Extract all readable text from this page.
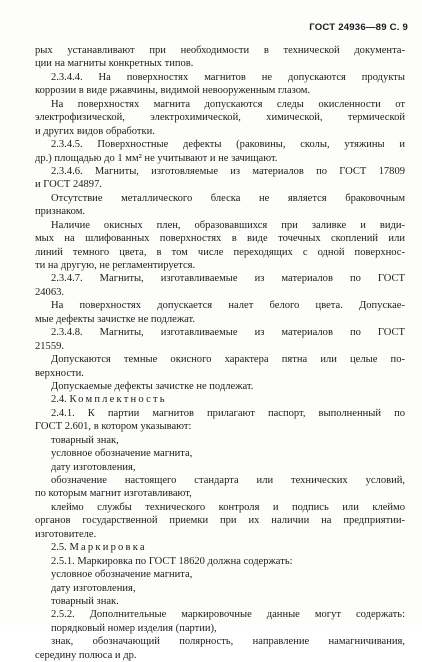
ГОСТ 24936—89 С. 9
рых устанавливают при необходимости в технической документа-
ции на магниты конкретных типов.
2.3.4.4. На поверхностях магнитов не допускаются продукты
коррозии в виде ржавчины, видимой невооруженным глазом.
На поверхностях магнита допускаются следы окисленности от
электрофизической, электрохимической, химической, термической
и других видов обработки.
2.3.4.5. Поверхностные дефекты (раковины, сколы, утяжины и
др.) площадью до 1 мм² не учитывают и не зачищают.
2.3.4.6. Магниты, изготовляемые из материалов по ГОСТ 17809
и ГОСТ 24897.
Отсутствие металлического блеска не является браковочным
признаком.
Наличие окисных плен, образовавшихся при заливке и види-
мых на шлифованных поверхностях в виде точечных скоплений или
линий темного цвета, в том числе переходящих с одной поверхнос-
ти на другую, не регламентируется.
2.3.4.7. Магниты, изготавливаемые из материалов по ГОСТ
24063.
На поверхностях допускается налет белого цвета. Допускае-
мые дефекты зачистке не подлежат.
2.3.4.8. Магниты, изготавливаемые из материалов по ГОСТ
21559.
Допускаются темные окисного характера пятна или целые по-
верхности.
Допускаемые дефекты зачистке не подлежат.
2.4. Комплектность
2.4.1. К партии магнитов прилагают паспорт, выполненный по
ГОСТ 2.601, в котором указывают:
товарный знак,
условное обозначение магнита,
дату изготовления,
обозначение настоящего стандарта или технических условий,
по которым магнит изготавливают,
клеймо службы технического контроля и подпись или клеймо
органов государственной приемки при их наличии на предприятии-
изготовителе.
2.5. Маркировка
2.5.1. Маркировка по ГОСТ 18620 должна содержать:
условное обозначение магнита,
дату изготовления,
товарный знак.
2.5.2. Дополнительные маркировочные данные могут содержать:
порядковый номер изделия (партии),
знак, обозначающий полярность, направление намагничивания,
середину полюса и др.
